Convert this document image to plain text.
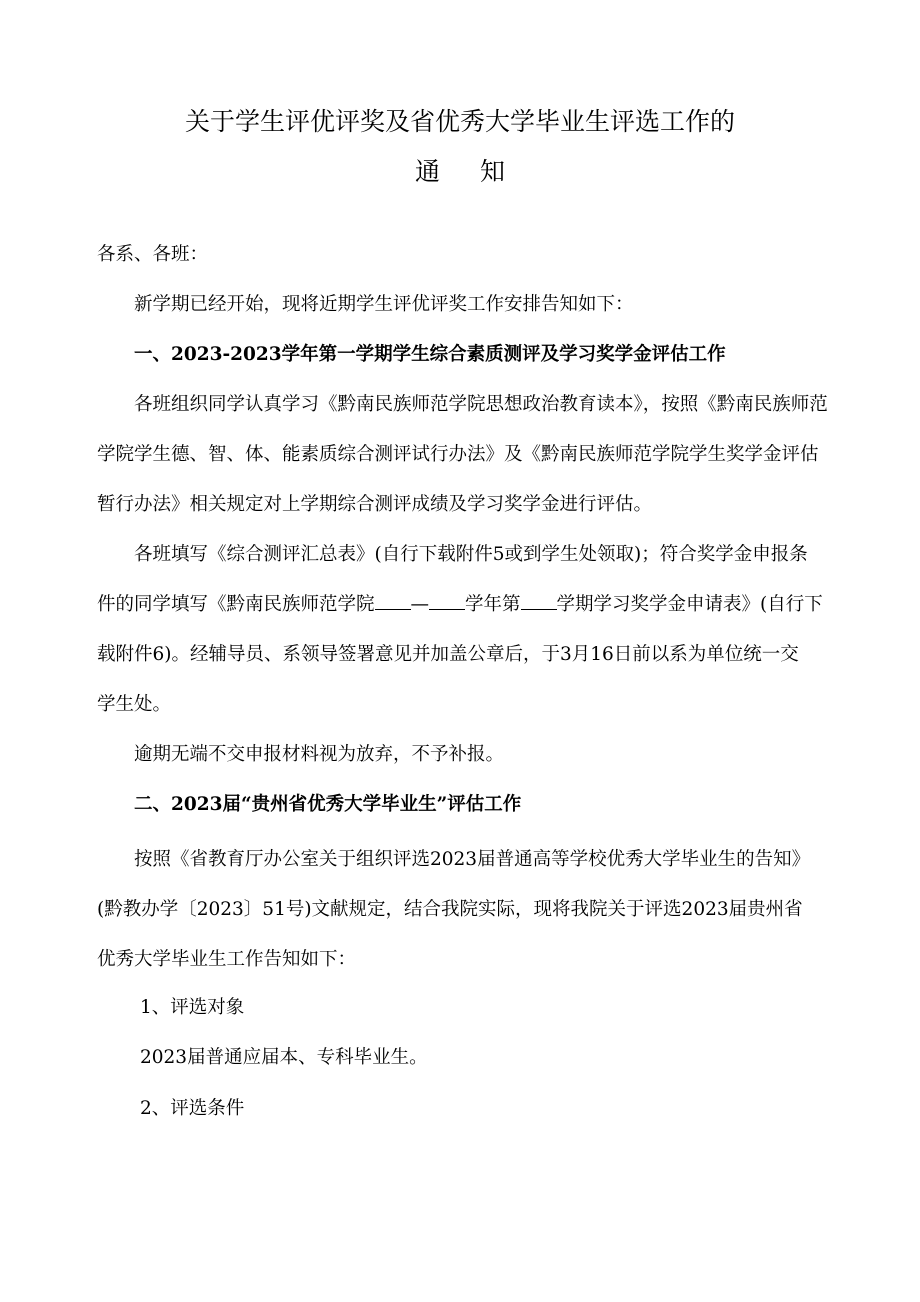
关于学生评优评奖及省优秀大学毕业生评选工作的
通知
各系、各班：
新学期已经开始，现将近期学生评优评奖工作安排告知如下：
一、2023-2023学年第一学期学生综合素质测评及学习奖学金评估工作
各班组织同学认真学习《黔南民族师范学院思想政治教育读本》，按照《黔南民族师范
学院学生德、智、体、能素质综合测评试行办法》及《黔南民族师范学院学生奖学金评估
暂行办法》相关规定对上学期综合测评成绩及学习奖学金进行评估。
各班填写《综合测评汇总表》(自行下载附件5或到学生处领取)；符合奖学金申报条
件的同学填写《黔南民族师范学院 — 学年第 学期学习奖学金申请表》(自行下
载附件6)。经辅导员、系领导签署意见并加盖公章后，于3月16日前以系为单位统一交
学生处。
逾期无端不交申报材料视为放弃，不予补报。
二、2023届“贵州省优秀大学毕业生”评估工作
按照《省教育厅办公室关于组织评选2023届普通高等学校优秀大学毕业生的告知》
(黔教办学〔2023〕51号)文献规定，结合我院实际，现将我院关于评选2023届贵州省
优秀大学毕业生工作告知如下：
1、评选对象
2023届普通应届本、专科毕业生。
2、评选条件
